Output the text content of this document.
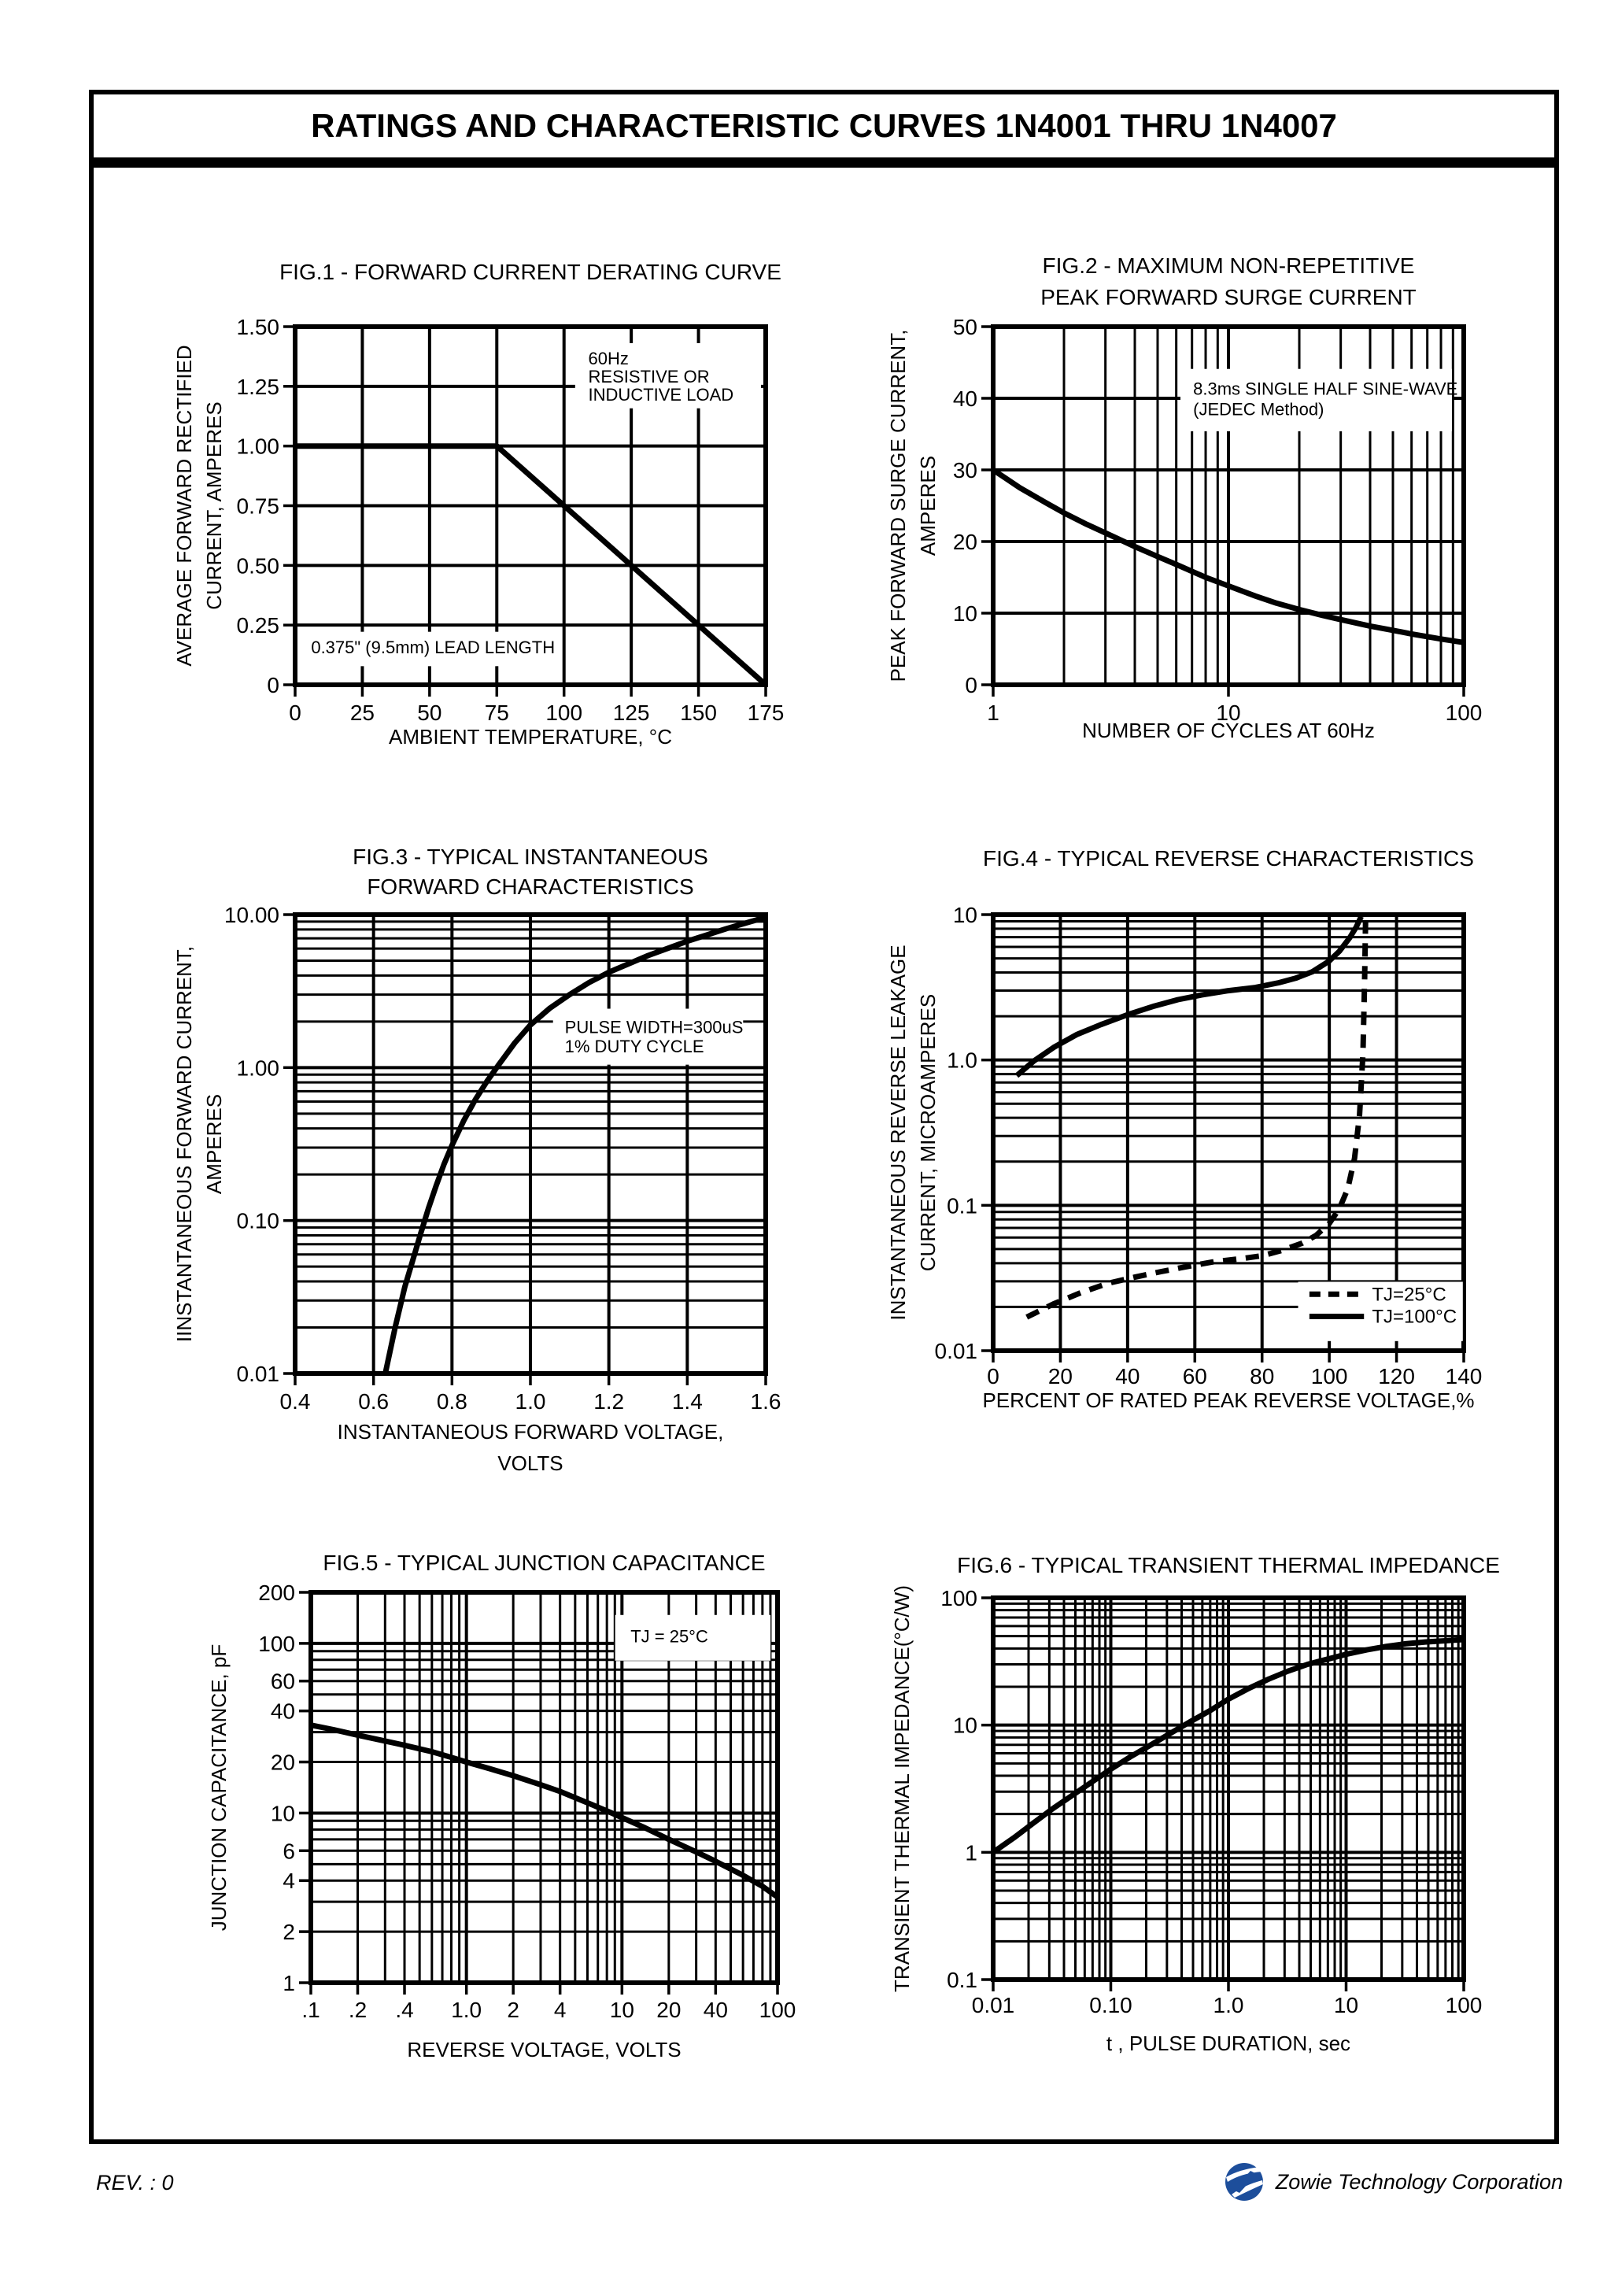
RATINGS AND CHARACTERISTIC CURVES 1N4001 THRU 1N4007
60Hz
RESISTIVE OR
INDUCTIVE LOAD
0.375" (9.5mm) LEAD LENGTH
0 25 50 75 100 125 150 175
0
0.25
0.50
0.75
1.00
1.25
1.50
FIG.1 - FORWARD CURRENT DERATING CURVE
AMBIENT TEMPERATURE, °C
AVERAGE FORWARD RECTIFIED CURRENT, AMPERES
8.3ms SINGLE HALF SINE-WAVE
(JEDEC Method)
1	10	100
0
10
20
30
40
50
FIG.2 - MAXIMUM NON-REPETITIVE
PEAK FORWARD SURGE CURRENT
NUMBER OF CYCLES AT 60Hz
PEAK FORWARD SURGE CURRENT, AMPERES
PULSE WIDTH=300uS
1% DUTY CYCLE
0.4 0.6 0.8 1.0 1.2 1.4 1.6
0.01
0.10
1.00
10.00
FIG.3 - TYPICAL INSTANTANEOUS
FORWARD CHARACTERISTICS
INSTANTANEOUS FORWARD VOLTAGE,
VOLTS
IINSTANTANEOUS FORWARD CURRENT, AMPERES
TJ=25°C
TJ=100°C
0 20 40 60 80 100 120 140
0.01
0.1
1.0
10
FIG.4 - TYPICAL REVERSE CHARACTERISTICS
PERCENT OF RATED PEAK REVERSE VOLTAGE,%
INSTANTANEOUS REVERSE LEAKAGE CURRENT, MICROAMPERES
TJ = 25°C
.1 .2 .4 1.0 2 4 10 20 40 100
1
2
4
6
10
20
40
60
100
200
FIG.5 - TYPICAL JUNCTION CAPACITANCE
REVERSE VOLTAGE, VOLTS
JUNCTION CAPACITANCE, pF
0.01	0.10	1.0	10	100
0.1
1
10
100
FIG.6 - TYPICAL TRANSIENT THERMAL IMPEDANCE
t , PULSE DURATION, sec
TRANSIENT THERMAL IMPEDANCE(°C/W)
REV. : 0	Zowie Technology Corporation
